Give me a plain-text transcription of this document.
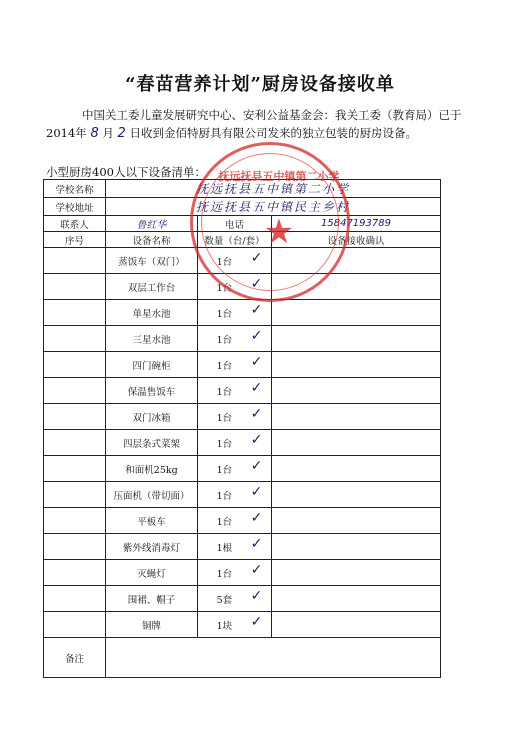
“春苗营养计划”厨房设备接收单
中国关工委儿童发展研究中心、安利公益基金会：我关工委（教育局）已于2014年 8 月 2 日收到金佰特厨具有限公司发来的独立包装的厨房设备。
小型厨房400人以下设备清单：
学校名称	抚远抚县五中镇第二小学		
学校地址	抚远抚县五中镇民主乡村		
联系人	鲁红华	电话	15847193789
序号	设备名称	数量（台/套）	设备接收确认
	蒸饭车（双门）	1台 ✓	
	双层工作台	1台 ✓	
	单星水池	1台 ✓	
	三星水池	1台 ✓	
	四门碗柜	1台 ✓	
	保温售饭车	1台 ✓	
	双门冰箱	1台 ✓	
	四层条式菜架	1台 ✓	
	和面机25kg	1台 ✓	
	压面机（带切面）	1台 ✓	
	平板车	1台 ✓	
	紫外线消毒灯	1根 ✓	
	灭蝇灯	1台 ✓	
	围裙、帽子	5套 ✓	
	铜牌	1块 ✓	
备注			
抚远抚县五中镇第二小学
★
